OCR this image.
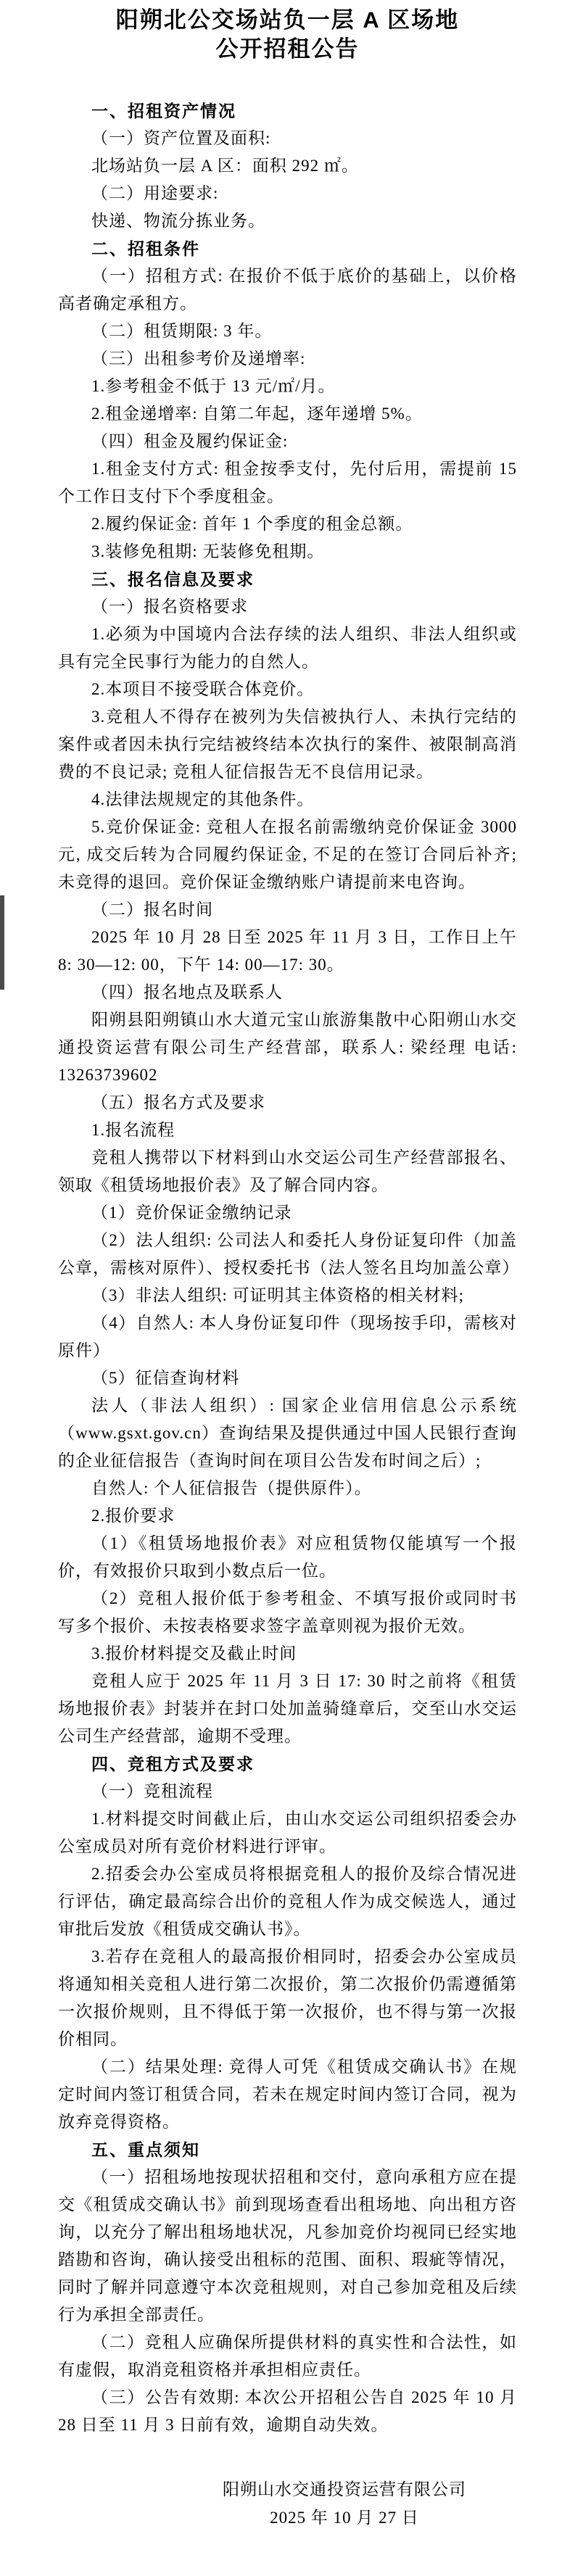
阳朔北公交场站负一层 A 区场地
公开招租公告

一、招租资产情况

（一）资产位置及面积:

北场站负一层 A 区：面积 292 ㎡。

（二）用途要求:

快递、物流分拣业务。

二、招租条件

（一）招租方式: 在报价不低于底价的基础上，以价格高者确定承租方。

（二）租赁期限: 3 年。

（三）出租参考价及递增率:

1.参考租金不低于 13 元/㎡/月。

2.租金递增率: 自第二年起，逐年递增 5%。

（四）租金及履约保证金:

1.租金支付方式: 租金按季支付，先付后用，需提前 15 个工作日支付下个季度租金。

2.履约保证金: 首年 1 个季度的租金总额。

3.装修免租期: 无装修免租期。

三、报名信息及要求

（一）报名资格要求

1.必须为中国境内合法存续的法人组织、非法人组织或具有完全民事行为能力的自然人。

2.本项目不接受联合体竞价。

3.竞租人不得存在被列为失信被执行人、未执行完结的案件或者因未执行完结被终结本次执行的案件、被限制高消费的不良记录; 竞租人征信报告无不良信用记录。

4.法律法规规定的其他条件。

5.竞价保证金: 竞租人在报名前需缴纳竞价保证金 3000 元, 成交后转为合同履约保证金, 不足的在签订合同后补齐; 未竞得的退回。竞价保证金缴纳账户请提前来电咨询。

（二）报名时间

2025 年 10 月 28 日至 2025 年 11 月 3 日，工作日上午 8: 30—12: 00，下午 14: 00—17: 30。

（四）报名地点及联系人

阳朔县阳朔镇山水大道元宝山旅游集散中心阳朔山水交通投资运营有限公司生产经营部，联系人: 梁经理 电话: 13263739602

（五）报名方式及要求

1.报名流程

竞租人携带以下材料到山水交运公司生产经营部报名、领取《租赁场地报价表》及了解合同内容。

（1）竞价保证金缴纳记录

（2）法人组织: 公司法人和委托人身份证复印件（加盖公章，需核对原件）、授权委托书（法人签名且均加盖公章）

（3）非法人组织: 可证明其主体资格的相关材料;

（4）自然人: 本人身份证复印件（现场按手印，需核对原件）

（5）征信查询材料

法人（非法人组织）: 国家企业信用信息公示系统（www.gsxt.gov.cn）查询结果及提供通过中国人民银行查询的企业征信报告（查询时间在项目公告发布时间之后）;

自然人: 个人征信报告（提供原件）。

2.报价要求

（1）《租赁场地报价表》对应租赁物仅能填写一个报价，有效报价只取到小数点后一位。

（2）竞租人报价低于参考租金、不填写报价或同时书写多个报价、未按表格要求签字盖章则视为报价无效。

3.报价材料提交及截止时间

竞租人应于 2025 年 11 月 3 日 17: 30 时之前将《租赁场地报价表》封装并在封口处加盖骑缝章后，交至山水交运公司生产经营部，逾期不受理。

四、竞租方式及要求

（一）竞租流程

1.材料提交时间截止后，由山水交运公司组织招委会办公室成员对所有竞价材料进行评审。

2.招委会办公室成员将根据竞租人的报价及综合情况进行评估，确定最高综合出价的竞租人作为成交候选人，通过审批后发放《租赁成交确认书》。

3.若存在竞租人的最高报价相同时，招委会办公室成员将通知相关竞租人进行第二次报价，第二次报价仍需遵循第一次报价规则，且不得低于第一次报价，也不得与第一次报价相同。

（二）结果处理: 竞得人可凭《租赁成交确认书》在规定时间内签订租赁合同，若未在规定时间内签订合同，视为放弃竞得资格。

五、重点须知

（一）招租场地按现状招租和交付，意向承租方应在提交《租赁成交确认书》前到现场查看出租场地、向出租方咨询，以充分了解出租场地状况，凡参加竞价均视同已经实地踏勘和咨询，确认接受出租标的范围、面积、瑕疵等情况，同时了解并同意遵守本次竞租规则，对自己参加竞租及后续行为承担全部责任。

（二）竞租人应确保所提供材料的真实性和合法性，如有虚假，取消竞租资格并承担相应责任。

（三）公告有效期: 本次公开招租公告自 2025 年 10 月 28 日至 11 月 3 日前有效，逾期自动失效。

阳朔山水交通投资运营有限公司
2025 年 10 月 27 日
